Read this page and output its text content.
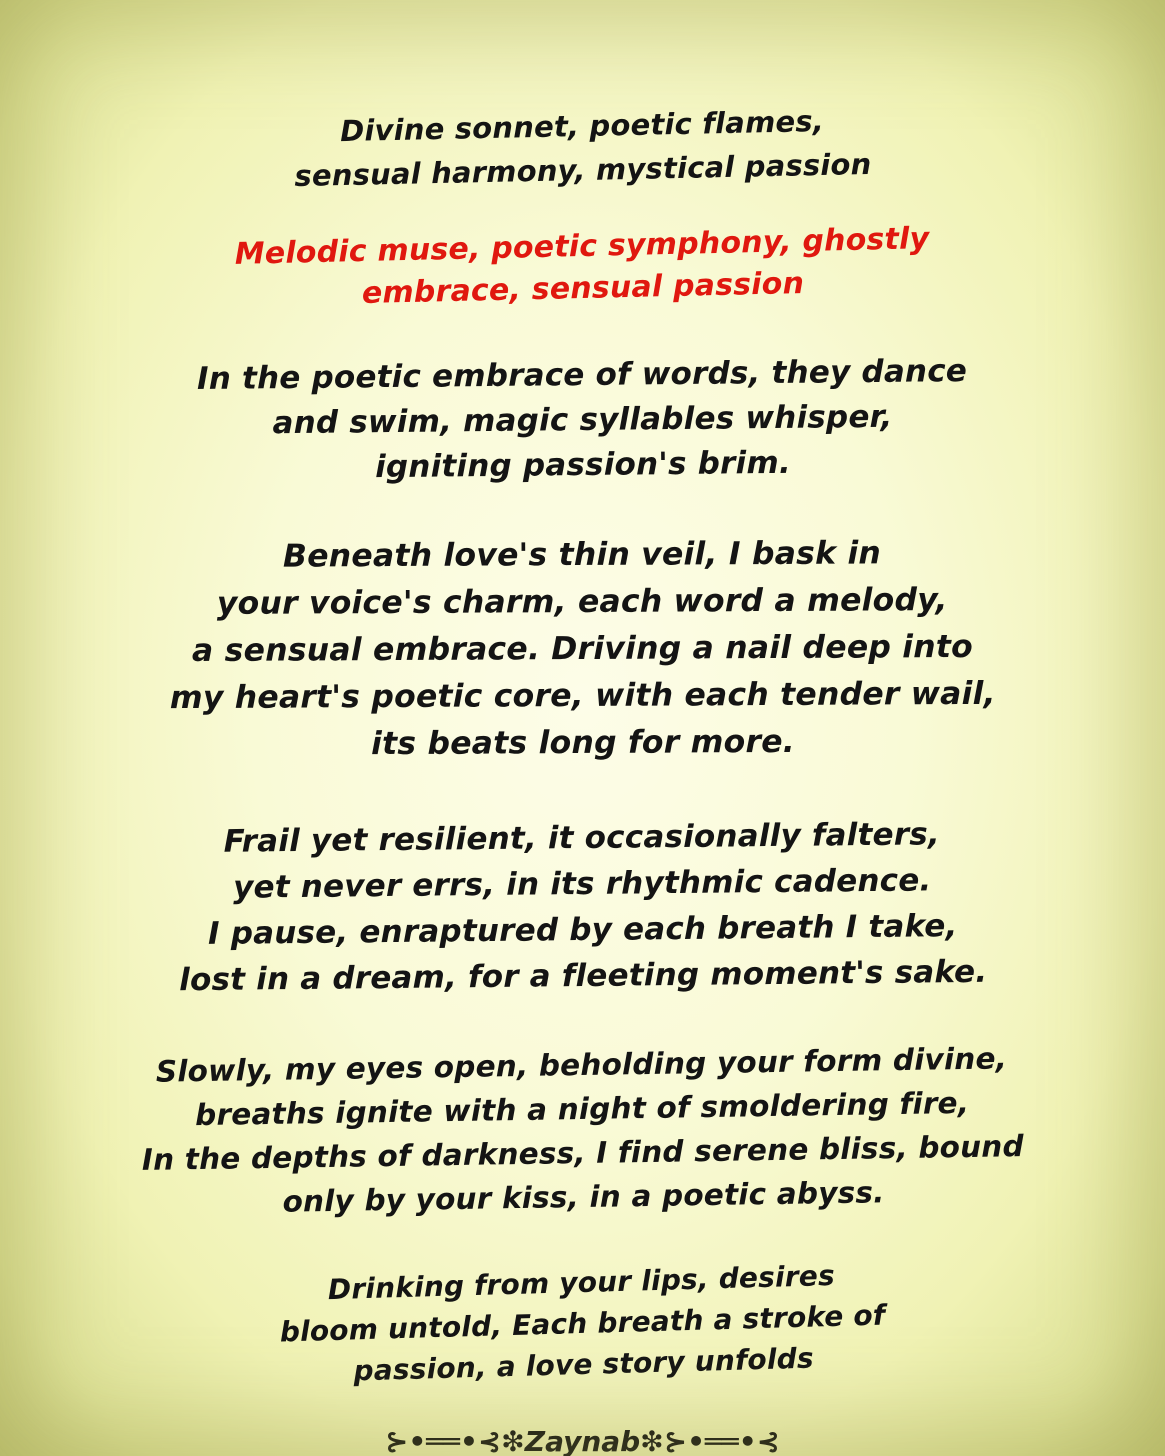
Divine sonnet, poetic flames,
sensual harmony, mystical passion
Melodic muse, poetic symphony, ghostly
embrace, sensual passion
In the poetic embrace of words, they dance
and swim, magic syllables whisper,
igniting passion's brim.
Beneath love's thin veil, I bask in
your voice's charm, each word a melody,
a sensual embrace. Driving a nail deep into
my heart's poetic core, with each tender wail,
its beats long for more.
Frail yet resilient, it occasionally falters,
yet never errs, in its rhythmic cadence.
I pause, enraptured by each breath I take,
lost in a dream, for a fleeting moment's sake.
Slowly, my eyes open, beholding your form divine,
breaths ignite with a night of smoldering fire,
In the depths of darkness, I find serene bliss, bound
only by your kiss, in a poetic abyss.
Drinking from your lips, desires
bloom untold, Each breath a stroke of
passion, a love story unfolds
⊱•══•⊰❇Zaynab❇⊱•══•⊰
